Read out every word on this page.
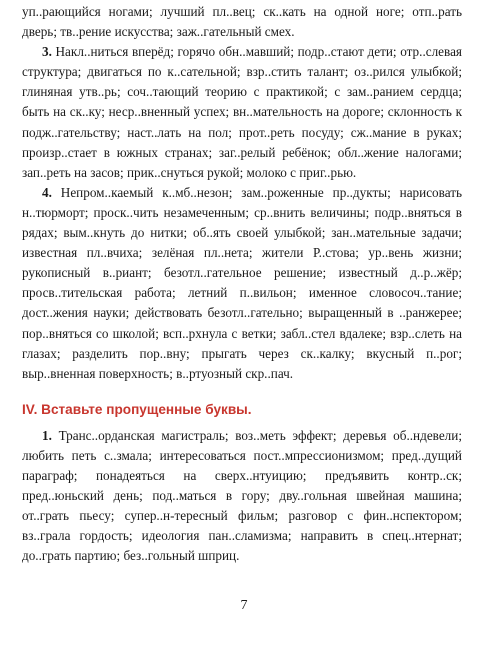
уп..рающийся ногами; лучший пл..вец; ск..кать на одной ноге; отп..рать дверь; тв..рение искусства; заж..гательный смех.

3. Накл..ниться вперёд; горячо обн..мавший; подр..стают дети; отр..слевая структура; двигаться по к..сательной; взр..стить талант; оз..рился улыбкой; глиняная утв..рь; соч..тающий теорию с практикой; с зам..ранием сердца; быть на ск..ку; неср..вненный успех; вн..мательность на дороге; склонность к подж..гательству; наст..лать на пол; прот..реть посуду; сж..мание в руках; произр..стает в южных странах; заг..релый ребёнок; обл..жение налогами; зап..реть на засов; прик..снуться рукой; молоко с приг..рью.

4. Непром..каемый к..мб..незон; зам..роженные пр..дукты; нарисовать н..тюрморт; проск..чить незамеченным; ср..внить величины; подр..вняться в рядах; вым..кнуть до нитки; об..ять своей улыбкой; зан..мательные задачи; известная пл..вчиха; зелёная пл..нета; жители Р..стова; ур..вень жизни; рукописный в..риант; безотл..гательное решение; известный д..р..жёр; просв..тительская работа; летний п..вильон; именное словосоч..тание; дост..жения науки; действовать безотл..гательно; выращенный в ..ранжерее; пор..вняться со школой; всп..рхнула с ветки; забл..стел вдалеке; взр..слеть на глазах; разделить пор..вну; прыгать через ск..калку; вкусный п..рог; выр..вненная поверхность; в..ртуозный скр..пач.

IV. Вставьте пропущенные буквы.

1. Транс..орданская магистраль; воз..меть эффект; деревья об..ндевели; любить петь с..змала; интересоваться пост..мпрессионизмом; пред..дущий параграф; понадеяться на сверх..нтуицию; предъявить контр..ск; пред..юньский день; под..маться в гору; дву..гольная швейная машина; от..грать пьесу; супер..н-тересный фильм; разговор с фин..нспектором; вз..грала гордость; идеология пан..сламизма; направить в спец..нтернат; до..грать партию; без..гольный шприц.

7
